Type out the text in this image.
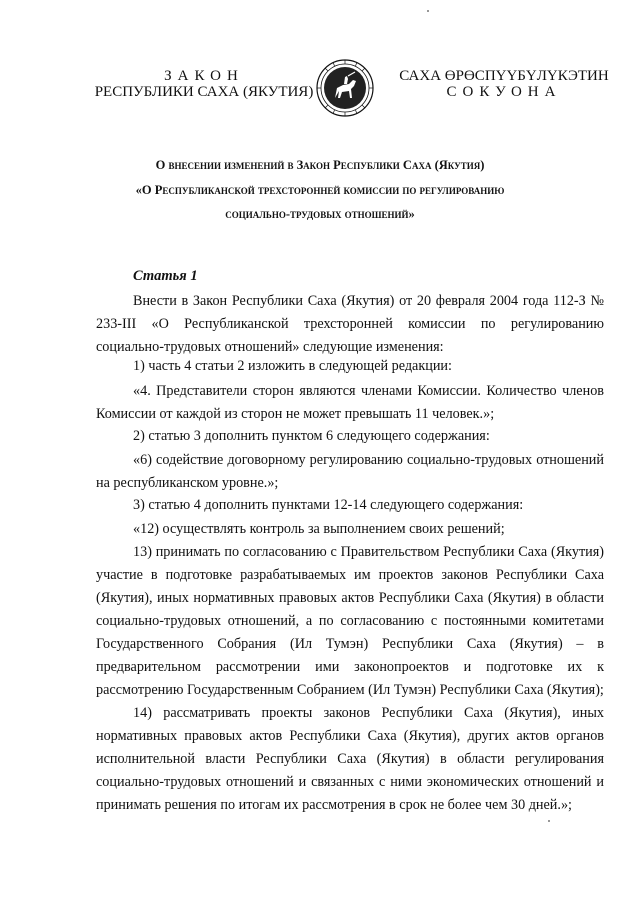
ЗАКОН
РЕСПУБЛИКИ САХА (ЯКУТИЯ)
САХА ӨРӨСПҮҮБҮЛҮКЭТИН
СОКУОНА
О внесении изменений в Закон Республики Саха (Якутия)
«О Республиканской трехсторонней комиссии по регулированию
социально-трудовых отношений»
Статья 1

Внести в Закон Республики Саха (Якутия) от 20 февраля 2004 года 112-З № 233-III «О Республиканской трехсторонней комиссии по регулированию социально-трудовых отношений» следующие изменения:

1) часть 4 статьи 2 изложить в следующей редакции:

«4. Представители сторон являются членами Комиссии. Количество членов Комиссии от каждой из сторон не может превышать 11 человек.»;

2) статью 3 дополнить пунктом 6 следующего содержания:

«6) содействие договорному регулированию социально-трудовых отношений на республиканском уровне.»;

3) статью 4 дополнить пунктами 12-14 следующего содержания:

«12) осуществлять контроль за выполнением своих решений;

13) принимать по согласованию с Правительством Республики Саха (Якутия) участие в подготовке разрабатываемых им проектов законов Республики Саха (Якутия), иных нормативных правовых актов Республики Саха (Якутия) в области социально-трудовых отношений, а по согласованию с постоянными комитетами Государственного Собрания (Ил Тумэн) Республики Саха (Якутия) – в предварительном рассмотрении ими законопроектов и подготовке их к рассмотрению Государственным Собранием (Ил Тумэн) Республики Саха (Якутия);

14) рассматривать проекты законов Республики Саха (Якутия), иных нормативных правовых актов Республики Саха (Якутия), других актов органов исполнительной власти Республики Саха (Якутия) в области регулирования социально-трудовых отношений и связанных с ними экономических отношений и принимать решения по итогам их рассмотрения в срок не более чем 30 дней.»;
